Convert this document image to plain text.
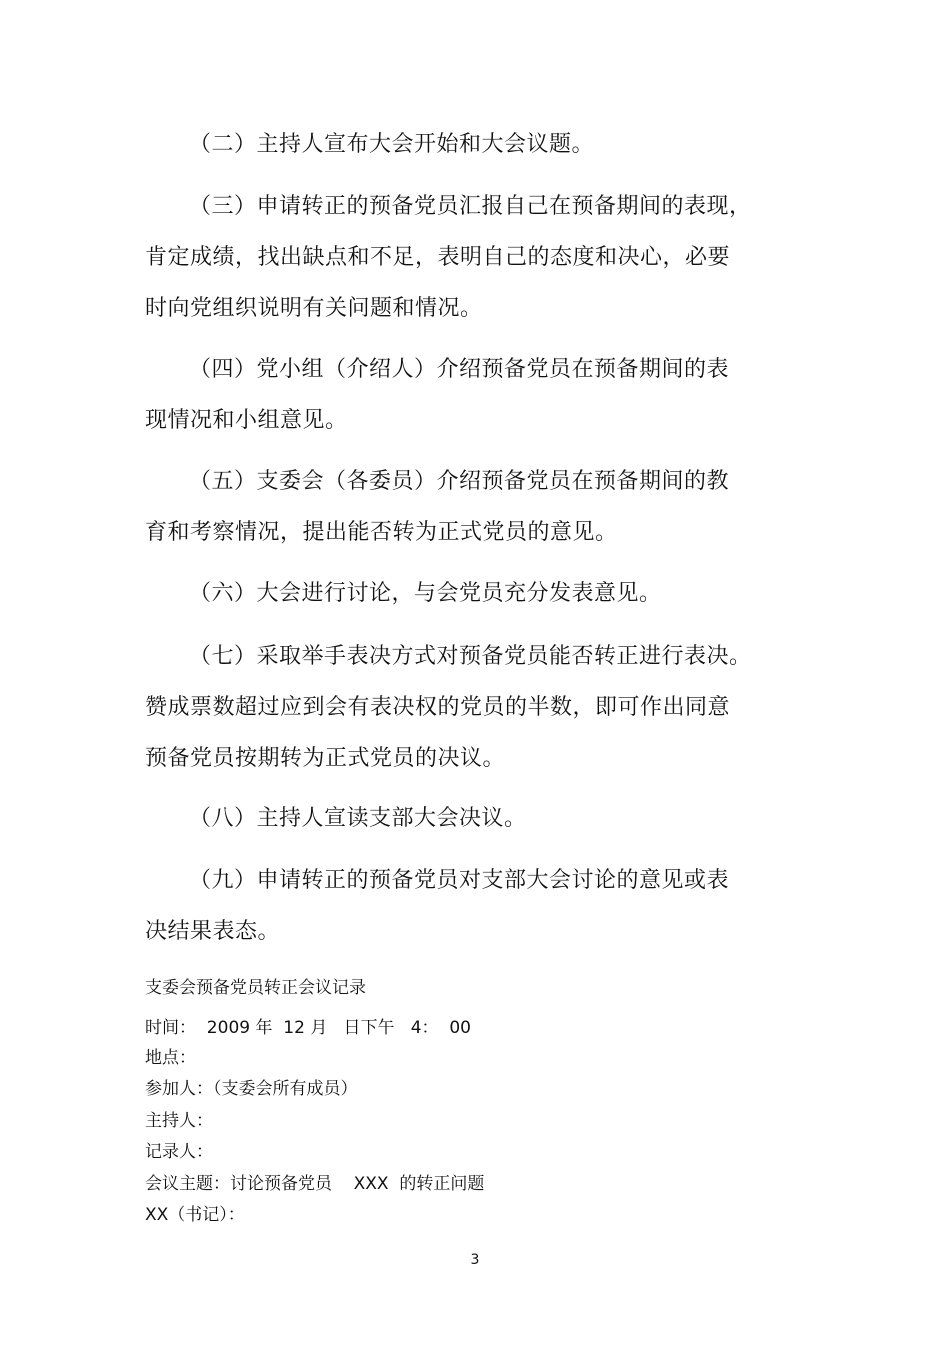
（二）主持人宣布大会开始和大会议题。

（三）申请转正的预备党员汇报自己在预备期间的表现，
肯定成绩，找出缺点和不足，表明自己的态度和决心，必要
时向党组织说明有关问题和情况。

（四）党小组（介绍人）介绍预备党员在预备期间的表
现情况和小组意见。

（五）支委会（各委员）介绍预备党员在预备期间的教
育和考察情况，提出能否转为正式党员的意见。

（六）大会进行讨论，与会党员充分发表意见。

（七）采取举手表决方式对预备党员能否转正进行表决。
赞成票数超过应到会有表决权的党员的半数，即可作出同意
预备党员按期转为正式党员的决议。

（八）主持人宣读支部大会决议。

（九）申请转正的预备党员对支部大会讨论的意见或表
决结果表态。

支委会预备党员转正会议记录

时间：  2009 年  12 月   日下午   4：  00

地点：

参加人：（支委会所有成员）

主持人：

记录人：

会议主题：讨论预备党员    XXX  的转正问题

XX（书记）：

3
